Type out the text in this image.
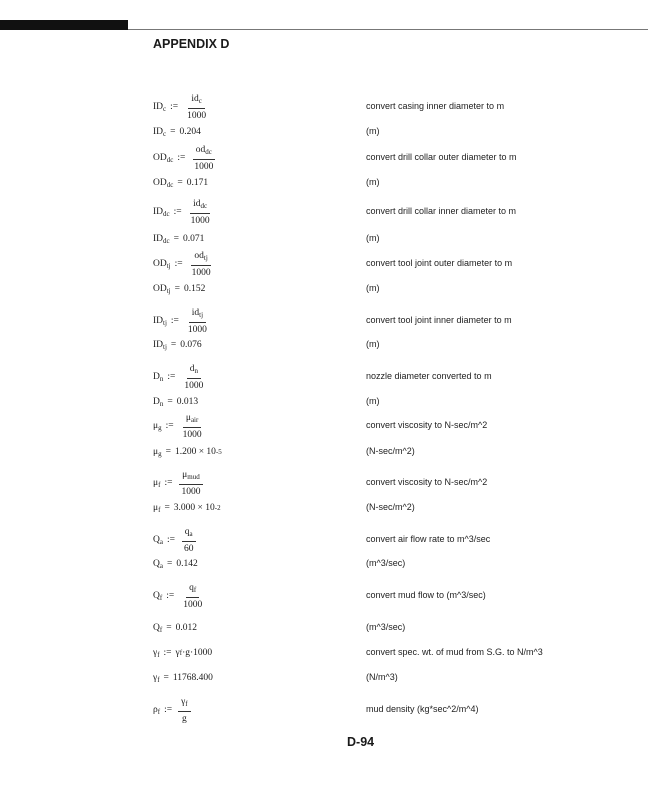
APPENDIX D
$ID_c$ := $\frac{id_c}{1000}$	convert casing inner diameter to m
$ID_c = 0.204$	(m)
$OD_{dc}$ := $\frac{od_{dc}}{1000}$	convert drill collar outer diameter to m
$OD_{dc} = 0.171$	(m)
$ID_{dc}$ := $\frac{id_{dc}}{1000}$	convert drill collar inner diameter to m
$ID_{dc} = 0.071$	(m)
$OD_{tj}$ := $\frac{od_{tj}}{1000}$	convert tool joint outer diameter to m
$OD_{tj} = 0.152$	(m)
$ID_{tj}$ := $\frac{id_{tj}}{1000}$	convert tool joint inner diameter to m
$ID_{tj} = 0.076$	(m)
$D_n$ := $\frac{d_n}{1000}$	nozzle diameter converted to m
$D_n = 0.013$	(m)
$\mu_g$ := $\frac{\mu_{air}}{1000}$	convert viscosity to N-sec/m^2
$\mu_g = 1.200 \times 10$ -5	(N-sec/m^2)
$\mu_f$ := $\frac{\mu_{mud}}{1000}$	convert viscosity to N-sec/m^2
$\mu_f = 3.000 \times 10$ -2	(N-sec/m^2)
$Q_a$ := $\frac{q_a}{60}$	convert air flow rate to m^3/sec
$Q_a = 0.142$	(m^3/sec)
$Q_f$ := $\frac{q_f}{1000}$	convert mud flow to (m^3/sec)
$Q_f = 0.012$	(m^3/sec)
$\gamma_f$ := γ f ·g·1000	convert spec. wt. of mud from S.G. to N/m^3
$\gamma_f = 11768.400$	(N/m^3)
$\rho_f$ := $\frac{\gamma_f}{g}$	mud density (kg*sec^2/m^4)
D-94
